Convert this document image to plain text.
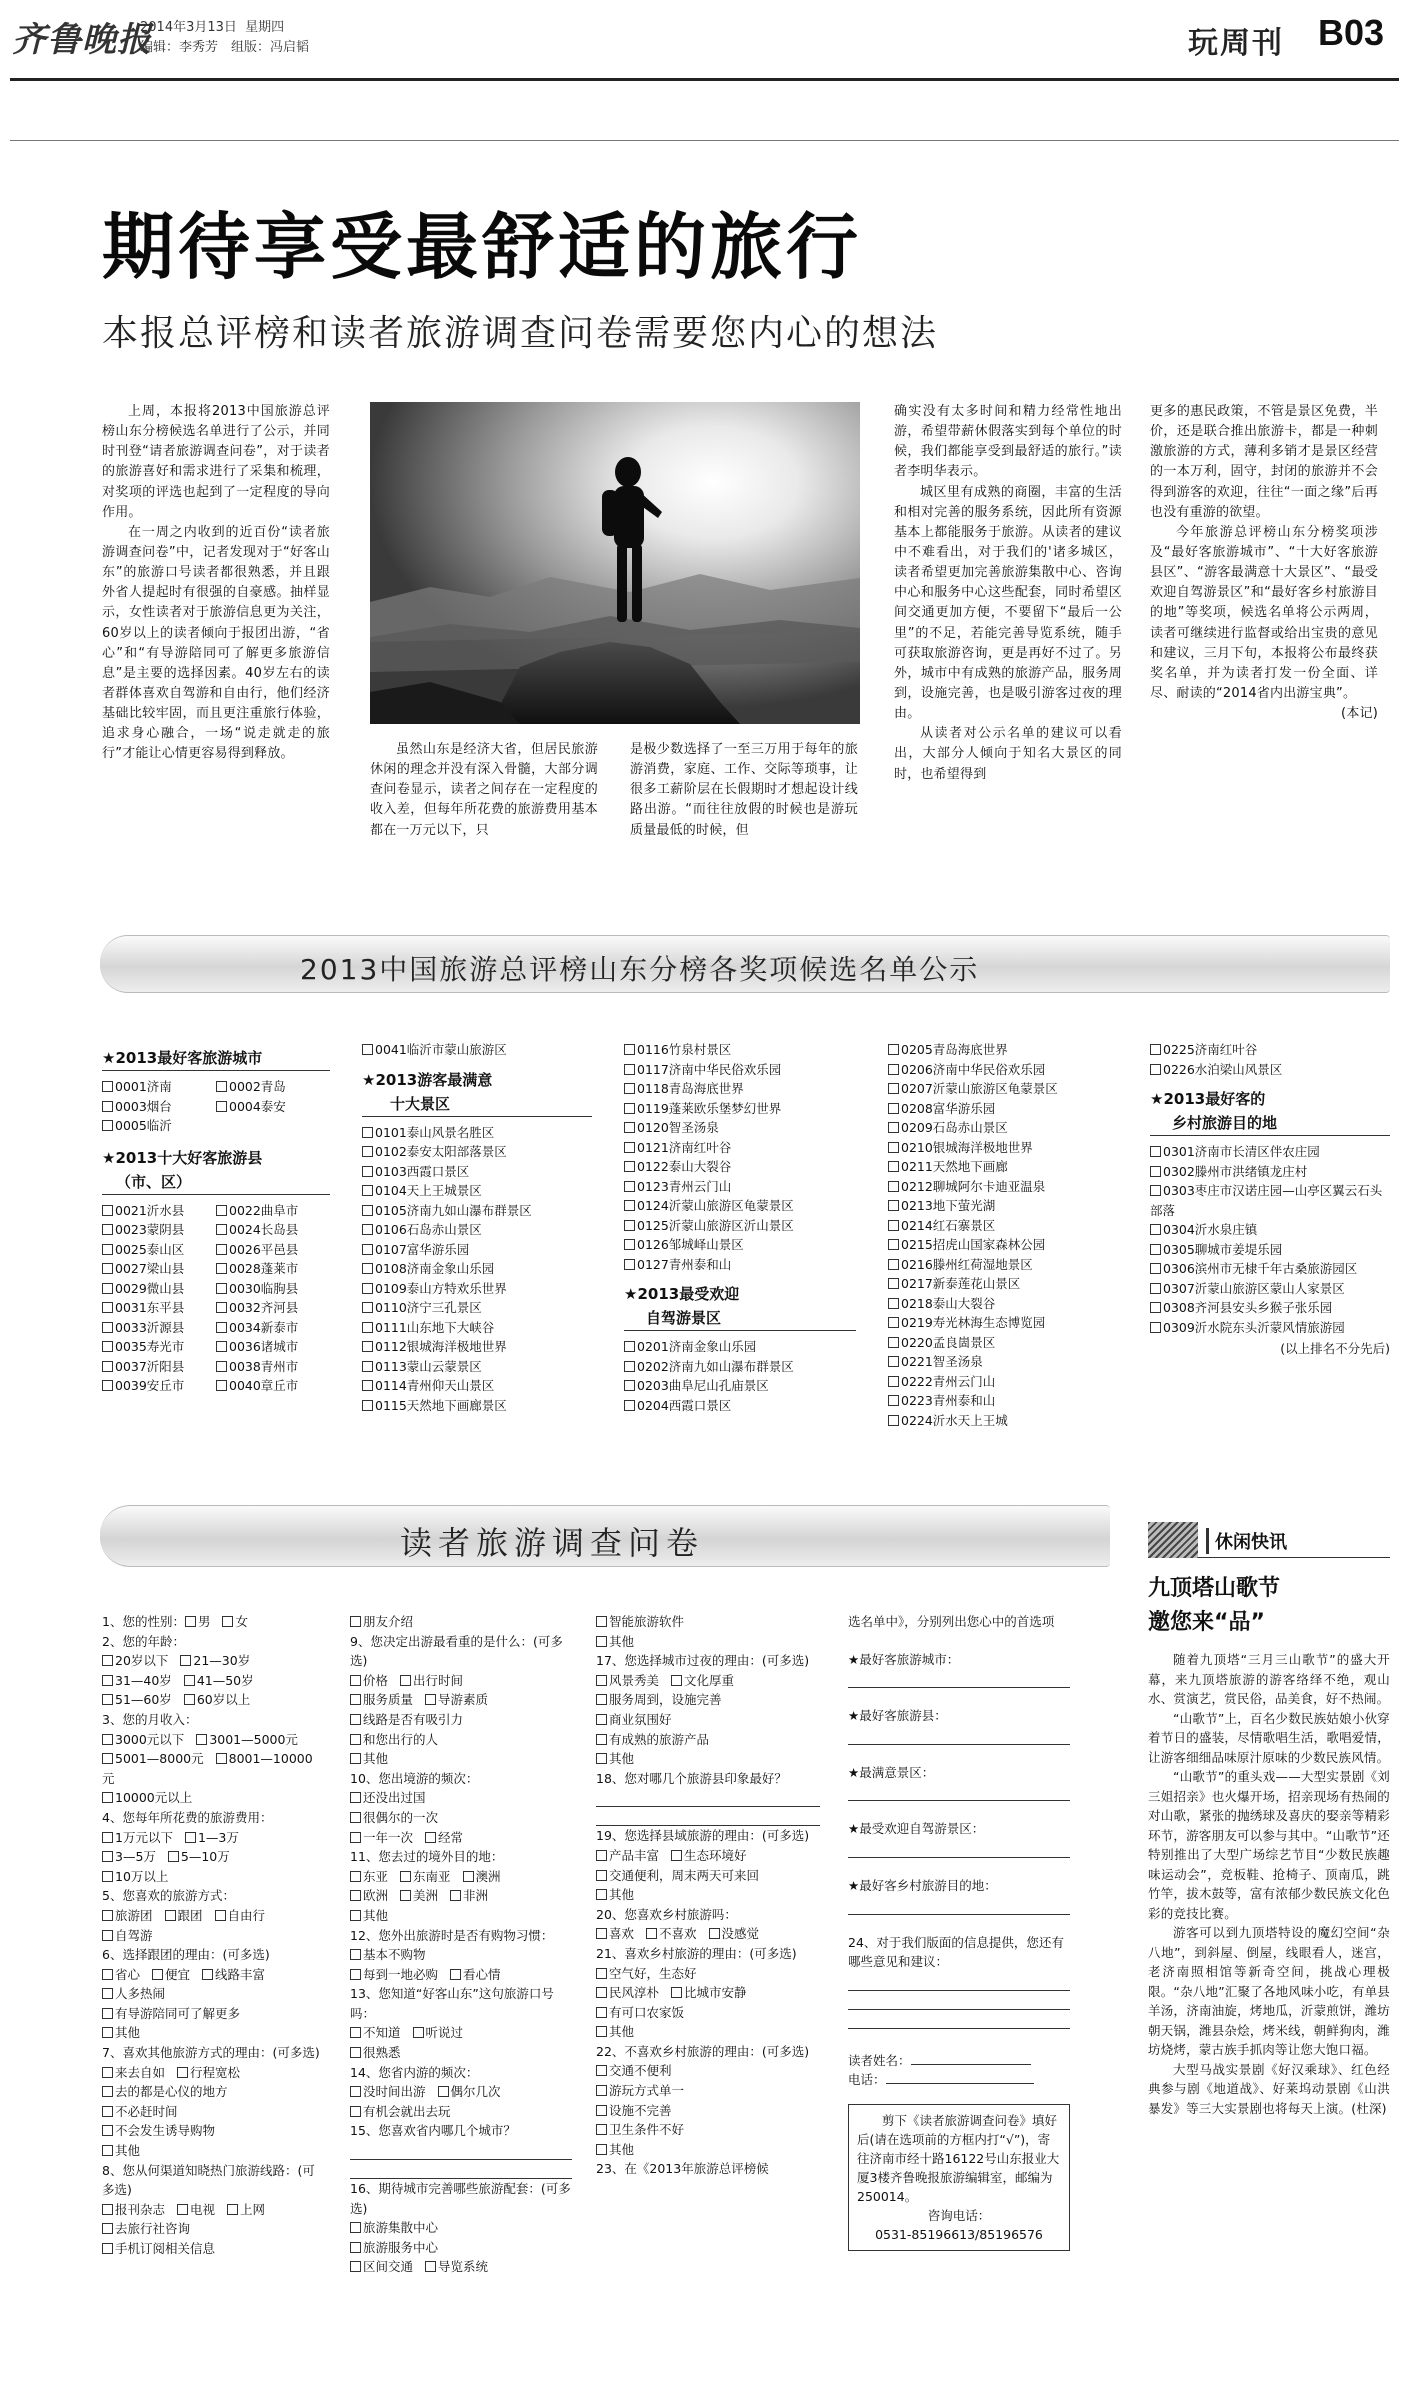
齐鲁晚报
2014年3月13日 星期四
编辑：李秀芳　组版：冯启韬	玩周刊 B03
期待享受最舒适的旅行
本报总评榜和读者旅游调查问卷需要您内心的想法

上周，本报将2013中国旅游总评榜山东分榜候选名单进行了公示，并同时刊登“请者旅游调查问卷”，对于读者的旅游喜好和需求进行了采集和梳理，对奖项的评选也起到了一定程度的导向作用。

在一周之内收到的近百份“读者旅游调查问卷”中，记者发现对于“好客山东”的旅游口号读者都很熟悉，并且跟外省人提起时有很强的自豪感。抽样显示，女性读者对于旅游信息更为关注，60岁以上的读者倾向于报团出游，“省心”和“有导游陪同可了解更多旅游信息”是主要的选择因素。40岁左右的读者群体喜欢自驾游和自由行，他们经济基础比较牢固，而且更注重旅行体验，追求身心融合，一场“说走就走的旅行”才能让心情更容易得到释放。	虽然山东是经济大省，但居民旅游休闲的理念并没有深入骨髓，大部分调查问卷显示，读者之间存在一定程度的收入差，但每年所花费的旅游费用基本都在一万元以下，只

是极少数选择了一至三万用于每年的旅游消费，家庭、工作、交际等琐事，让很多工薪阶层在长假期时才想起设计线路出游。“而往往放假的时候也是游玩质量最低的时候，但

确实没有太多时间和精力经常性地出游，希望带薪休假落实到每个单位的时候，我们都能享受到最舒适的旅行。”读者李明华表示。

城区里有成熟的商圈，丰富的生活和相对完善的服务系统，因此所有资源基本上都能服务于旅游。从读者的建议中不难看出，对于我们的'诸多城区，读者希望更加完善旅游集散中心、咨询中心和服务中心这些配套，同时希望区间交通更加方便，不要留下“最后一公里”的不足，若能完善导览系统，随手可获取旅游咨询，更是再好不过了。另外，城市中有成熟的旅游产品，服务周到，设施完善，也是吸引游客过夜的理由。

从读者对公示名单的建议可以看出，大部分人倾向于知名大景区的同时，也希望得到

更多的惠民政策，不管是景区免费，半价，还是联合推出旅游卡，都是一种刺激旅游的方式，薄利多销才是景区经营的一本万利，固守，封闭的旅游并不会得到游客的欢迎，往往“一面之缘”后再也没有重游的欲望。

今年旅游总评榜山东分榜奖项涉及“最好客旅游城市”、“十大好客旅游县区”、“游客最满意十大景区”、“最受欢迎自驾游景区”和“最好客乡村旅游目的地”等奖项，候选名单将公示两周，读者可继续进行监督或给出宝贵的意见和建议，三月下旬，本报将公布最终获奖名单，并为读者打发一份全面、详尽、耐读的“2014省内出游宝典”。

(本记)

2013中国旅游总评榜山东分榜各奖项候选名单公示
★2013最好客旅游城市
0001济南	0002青岛
0003烟台	0004泰安
0005临沂
★2013十大好客旅游县
（市、区）
0021沂水县	0022曲阜市
0023蒙阴县	0024长岛县
0025泰山区	0026平邑县
0027梁山县	0028蓬莱市
0029微山县	0030临朐县
0031东平县	0032齐河县
0033沂源县	0034新泰市
0035寿光市	0036诸城市
0037沂阳县	0038青州市
0039安丘市	0040章丘市
0041临沂市蒙山旅游区
★2013游客最满意
十大景区
0101泰山风景名胜区
0102泰安太阳部落景区
0103西霞口景区
0104天上王城景区
0105济南九如山瀑布群景区
0106石岛赤山景区
0107富华游乐园
0108济南金象山乐园
0109泰山方特欢乐世界
0110济宁三孔景区
0111山东地下大峡谷
0112银城海洋极地世界
0113蒙山云蒙景区
0114青州仰天山景区
0115天然地下画廊景区
0116竹泉村景区
0117济南中华民俗欢乐园
0118青岛海底世界
0119蓬莱欧乐堡梦幻世界
0120智圣汤泉
0121济南红叶谷
0122泰山大裂谷
0123青州云门山
0124沂蒙山旅游区龟蒙景区
0125沂蒙山旅游区沂山景区
0126邹城峄山景区
0127青州泰和山
★2013最受欢迎
自驾游景区
0201济南金象山乐园
0202济南九如山瀑布群景区
0203曲阜尼山孔庙景区
0204西霞口景区
0205青岛海底世界
0206济南中华民俗欢乐园
0207沂蒙山旅游区龟蒙景区
0208富华游乐园
0209石岛赤山景区
0210银城海洋极地世界
0211天然地下画廊
0212聊城阿尔卡迪亚温泉
0213地下萤光湖
0214红石寨景区
0215招虎山国家森林公园
0216滕州红荷湿地景区
0217新泰莲花山景区
0218泰山大裂谷
0219寿光林海生态博览园
0220孟良崮景区
0221智圣汤泉
0222青州云门山
0223青州泰和山
0224沂水天上王城
0225济南红叶谷
0226水泊梁山风景区
★2013最好客的
乡村旅游目的地
0301济南市长清区伴农庄园
0302滕州市洪绪镇龙庄村
0303枣庄市汉诺庄园—山亭区翼云石头部落
0304沂水泉庄镇
0305聊城市姜堤乐园
0306滨州市无棣千年古桑旅游园区
0307沂蒙山旅游区蒙山人家景区
0308齐河县安头乡猴子张乐园
0309沂水院东头沂蒙风情旅游园
(以上排名不分先后)
读者旅游调查问卷
1、您的性别： 男 女
2、您的年龄：
20岁以下 21—30岁
31—40岁 41—50岁
51—60岁 60岁以上
3、您的月收入：
3000元以下 3001—5000元
5001—8000元 8001—10000元
10000元以上
4、您每年所花费的旅游费用：
1万元以下 1—3万
3—5万 5—10万
10万以上
5、您喜欢的旅游方式：
旅游团 跟团 自由行
自驾游
6、选择跟团的理由：(可多选)
省心 便宜 线路丰富
人多热闹
有导游陪同可了解更多
其他
7、喜欢其他旅游方式的理由：(可多选)
来去自如 行程宽松
去的都是心仪的地方
不必赶时间
不会发生诱导购物
其他
8、您从何渠道知晓热门旅游线路：(可多选)
报刊杂志 电视 上网
去旅行社咨询
手机订阅相关信息
朋友介绍
9、您决定出游最看重的是什么：(可多选)
价格 出行时间
服务质量 导游素质
线路是否有吸引力
和您出行的人
其他
10、您出境游的频次：
还没出过国
很偶尔的一次
一年一次 经常
11、您去过的境外目的地：
东亚 东南亚 澳洲
欧洲 美洲 非洲
其他
12、您外出旅游时是否有购物习惯：
基本不购物
每到一地必购 看心情
13、您知道“好客山东”这句旅游口号吗：
不知道 听说过
很熟悉
14、您省内游的频次：
没时间出游 偶尔几次
有机会就出去玩
15、您喜欢省内哪几个城市？
16、期待城市完善哪些旅游配套：(可多选)
旅游集散中心
旅游服务中心
区间交通 导览系统
智能旅游软件
其他
17、您选择城市过夜的理由：(可多选)
风景秀美 文化厚重
服务周到，设施完善
商业氛围好
有成熟的旅游产品
其他
18、您对哪几个旅游县印象最好？
19、您选择县域旅游的理由：(可多选)
产品丰富 生态环境好
交通便利，周末两天可来回
其他
20、您喜欢乡村旅游吗：
喜欢 不喜欢 没感觉
21、喜欢乡村旅游的理由：(可多选)
空气好，生态好
民风淳朴 比城市安静
有可口农家饭
其他
22、不喜欢乡村旅游的理由：(可多选)
交通不便利
游玩方式单一
设施不完善
卫生条件不好
其他
23、在《2013年旅游总评榜候
选名单中》，分别列出您心中的首选项
★最好客旅游城市：
★最好客旅游县：
★最满意景区：
★最受欢迎自驾游景区：
★最好客乡村旅游目的地：
24、对于我们版面的信息提供，您还有哪些意见和建议：
读者姓名：
电话：
剪下《读者旅游调查问卷》填好后(请在选项前的方框内打“√”)，寄往济南市经十路16122号山东报业大厦3楼齐鲁晚报旅游编辑室，邮编为250014。
咨询电话：
0531-85196613/85196576
休闲快讯
九顶塔山歌节
邀您来“品”

随着九顶塔“三月三山歌节”的盛大开幕，来九顶塔旅游的游客络绎不绝，观山水、赏演艺，赏民俗，品美食，好不热闹。

“山歌节”上，百名少数民族姑娘小伙穿着节日的盛装，尽情歌唱生活，歌唱爱情，让游客细细品味原汁原味的少数民族风情。

“山歌节”的重头戏——大型实景剧《刘三姐招亲》也火爆开场，招亲现场有热闹的对山歌，紧张的抛绣球及喜庆的娶亲等精彩环节，游客朋友可以参与其中。“山歌节”还特别推出了大型广场综艺节目“少数民族趣味运动会”，竞板鞋、抢椅子、顶南瓜，跳竹竿，拔木鼓等，富有浓郁少数民族文化色彩的竞技比赛。

游客可以到九顶塔特设的魔幻空间“杂八地”，到斜屋、倒屋，线眼看人，迷宫，老济南照相馆等新奇空间，挑战心理极限。“杂八地”汇聚了各地风味小吃，有单县羊汤，济南油旋，烤地瓜，沂蒙煎饼，潍坊朝天锅，潍县杂烩，烤米线，朝鲜狗肉，潍坊烧烤，蒙古族手抓肉等让您大饱口福。

大型马战实景剧《好汉乘球》、红色经典参与剧《地道战》、好莱坞动景剧《山洪暴发》等三大实景剧也将每天上演。(杜深)
